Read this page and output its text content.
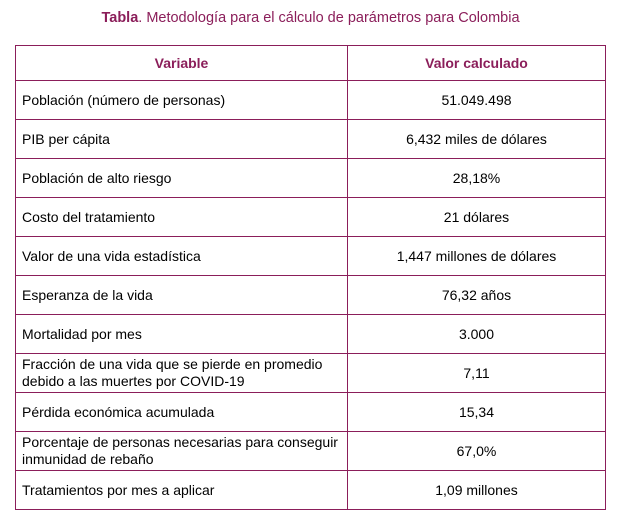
Tabla. Metodología para el cálculo de parámetros para Colombia
Variable	Valor calculado
Población (número de personas)	51.049.498
PIB per cápita	6,432 miles de dólares
Población de alto riesgo	28,18%
Costo del tratamiento	21 dólares
Valor de una vida estadística	1,447 millones de dólares
Esperanza de la vida	76,32 años
Mortalidad por mes	3.000
Fracción de una vida que se pierde en promedio debido a las muertes por COVID-19	7,11
Pérdida económica acumulada	15,34
Porcentaje de personas necesarias para conseguir inmunidad de rebaño	67,0%
Tratamientos por mes a aplicar	1,09 millones
